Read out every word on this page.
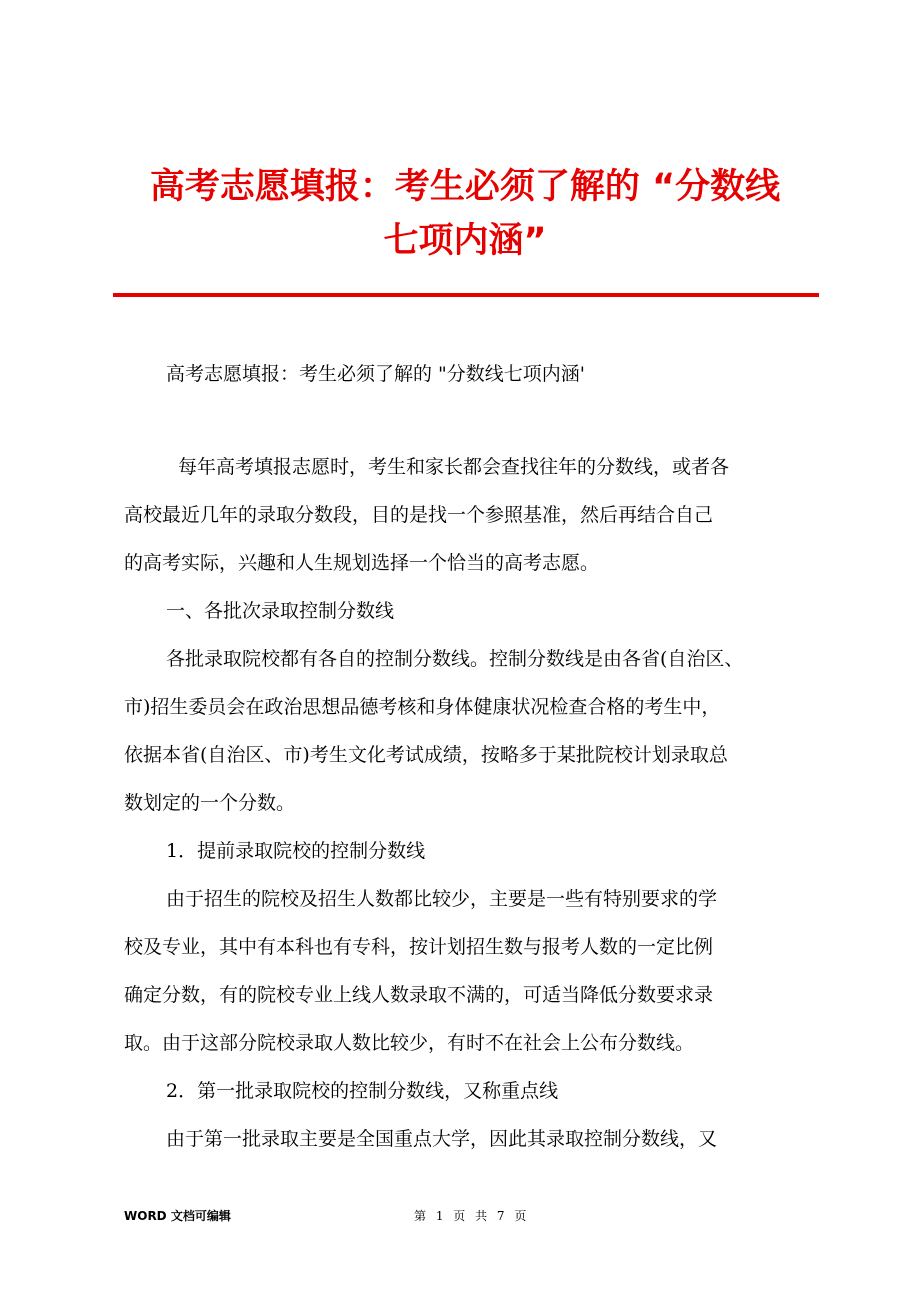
高考志愿填报：考生必须了解的 “分数线
七项内涵”

高考志愿填报：考生必须了解的 "分数线七项内涵'

每年高考填报志愿时，考生和家长都会查找往年的分数线，或者各
高校最近几年的录取分数段，目的是找一个参照基准，然后再结合自己
的高考实际，兴趣和人生规划选择一个恰当的高考志愿。

一、各批次录取控制分数线

各批录取院校都有各自的控制分数线。控制分数线是由各省(自治区、
市)招生委员会在政治思想品德考核和身体健康状况检查合格的考生中，
依据本省(自治区、市)考生文化考试成绩，按略多于某批院校计划录取总
数划定的一个分数。

1．提前录取院校的控制分数线

由于招生的院校及招生人数都比较少，主要是一些有特别要求的学
校及专业，其中有本科也有专科，按计划招生数与报考人数的一定比例
确定分数，有的院校专业上线人数录取不满的，可适当降低分数要求录
取。由于这部分院校录取人数比较少，有时不在社会上公布分数线。

2．第一批录取院校的控制分数线，又称重点线

由于第一批录取主要是全国重点大学，因此其录取控制分数线，又

WORD 文档可编辑	第 1 页 共 7 页
